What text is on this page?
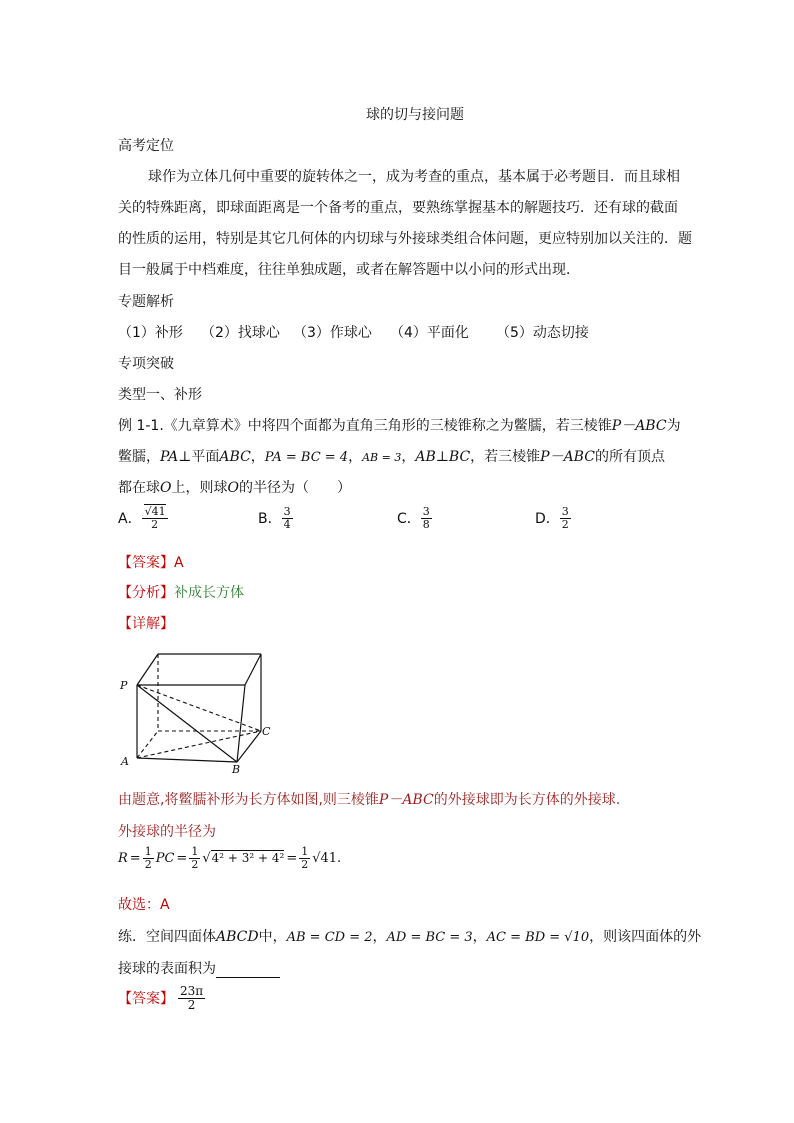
球的切与接问题
高考定位
球作为立体几何中重要的旋转体之一，成为考查的重点，基本属于必考题目．而且球相
关的特殊距离，即球面距离是一个备考的重点，要熟练掌握基本的解题技巧．还有球的截面
的性质的运用，特别是其它几何体的内切球与外接球类组合体问题，更应特别加以关注的．题
目一般属于中档难度，往往单独成题，或者在解答题中以小问的形式出现．
专题解析
（1）补形 （2）找球心 （3）作球心 （4）平面化 （5）动态切接
专项突破
类型一、补形
例 1-1.《九章算术》中将四个面都为直角三角形的三棱锥称之为鳖臑，若三棱锥P－ABC为
鳖臑，PA⊥平面ABC，PA = BC = 4，AB = 3，AB⊥BC，若三棱锥P－ABC的所有顶点
都在球O上，则球O的半径为（　　）
A． $\frac{√41}{2}$	B． $\frac{3}{4}$	C． $\frac{3}{8}$	D． $\frac{3}{2}$
【答案】A
【分析】补成长方体
【详解】
P
A
B
C
由题意,将鳖臑补形为长方体如图,则三棱锥P－ABC的外接球即为长方体的外接球.
外接球的半径为
$R = \frac{1}{2}$ PC = $\frac{1}{2} √4^2 + 3^2 + 4^2 = \frac{1}{2} √41$.
故选：A
练．空间四面体ABCD中，AB = CD = 2，AD = BC = 3，AC = BD = √10，则该四面体的外
接球的表面积为
【答案】 $\frac{23\pi}{2}$
